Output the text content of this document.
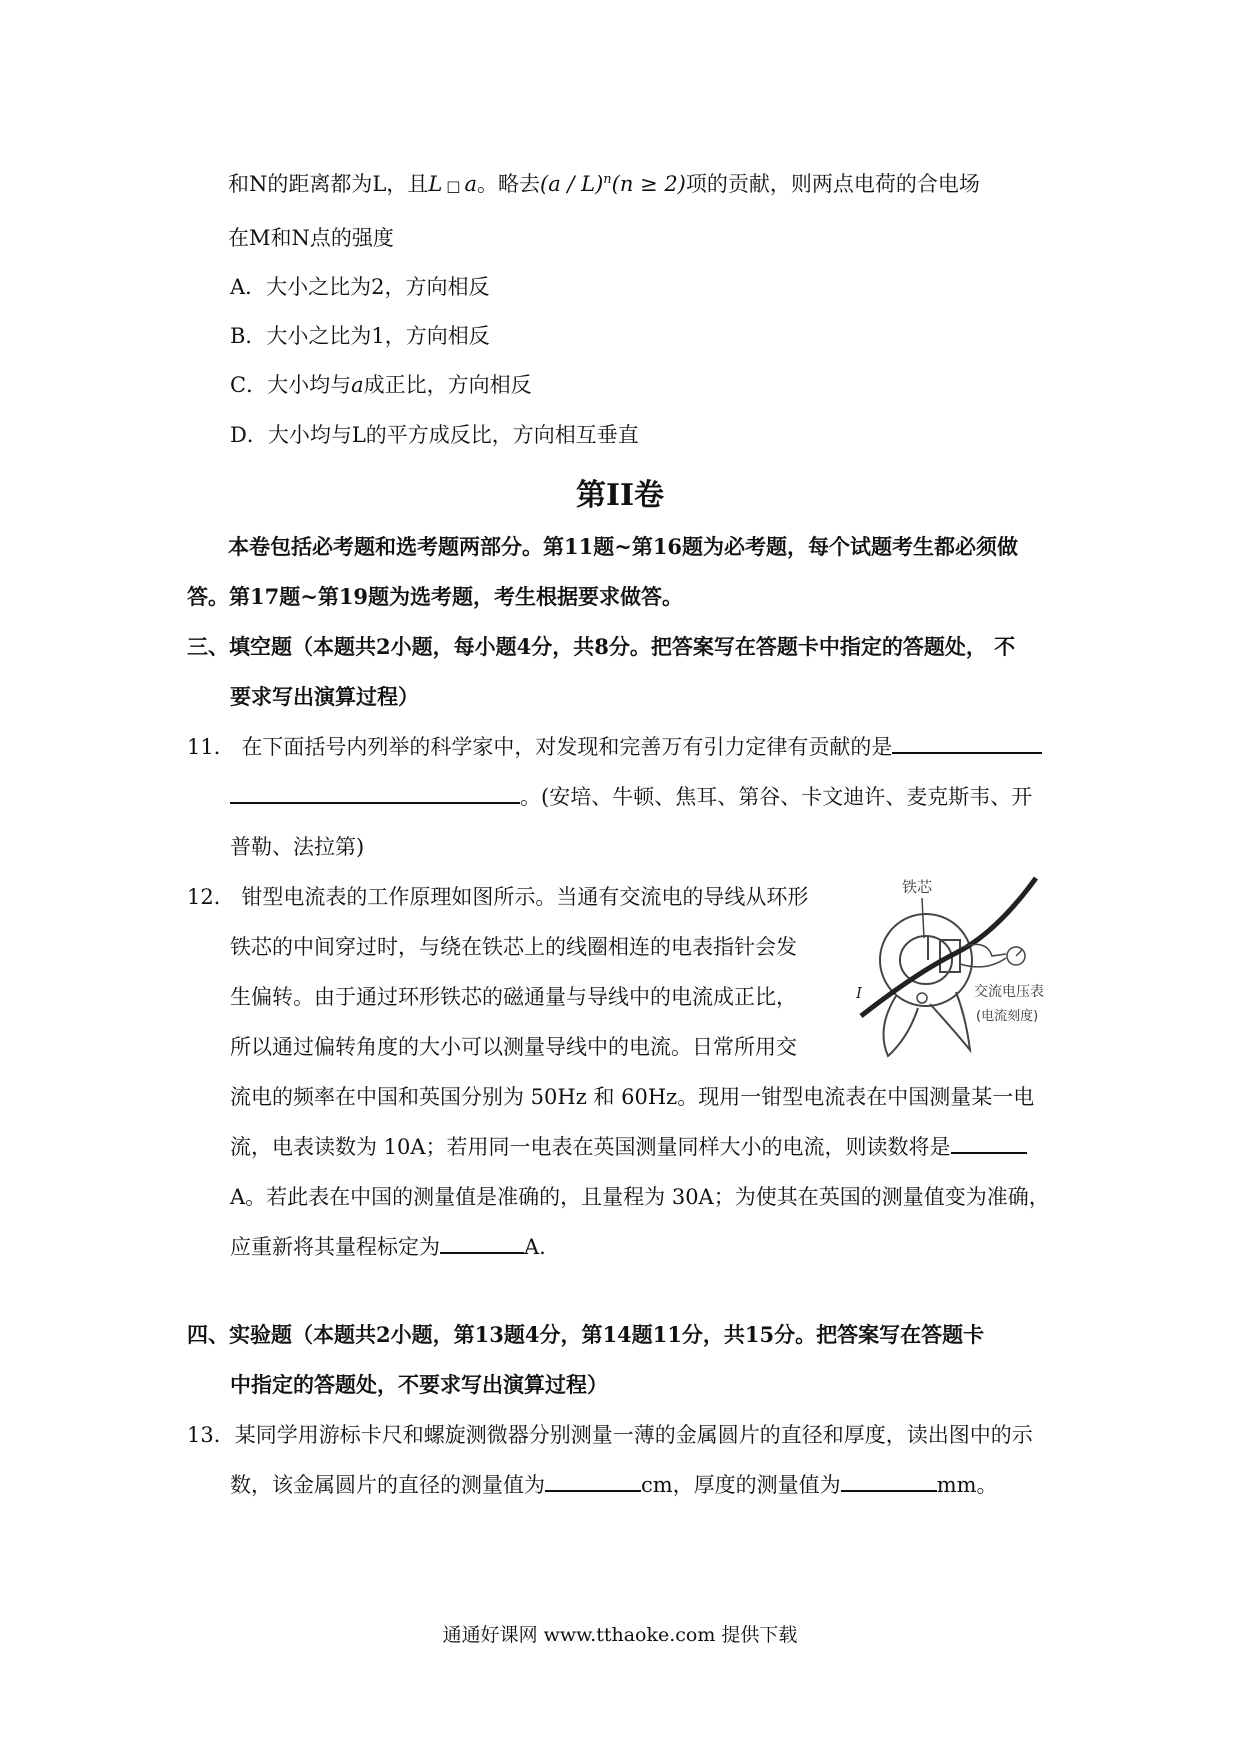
和N的距离都为L，且L □ a。略去(a / L)$^n$(n ≥ 2)项的贡献，则两点电荷的合电场
在M和N点的强度
A．大小之比为2，方向相反
B．大小之比为1，方向相反
C．大小均与a成正比，方向相反
D．大小均与L的平方成反比，方向相互垂直
第II卷
本卷包括必考题和选考题两部分。第11题~第16题为必考题，每个试题考生都必须做
答。第17题~第19题为选考题，考生根据要求做答。
三、填空题（本题共2小题，每小题4分，共8分。把答案写在答题卡中指定的答题处， 不
要求写出演算过程）
11． 在下面括号内列举的科学家中，对发现和完善万有引力定律有贡献的是
。(安培、牛顿、焦耳、第谷、卡文迪许、麦克斯韦、开
普勒、法拉第)
12． 钳型电流表的工作原理如图所示。当通有交流电的导线从环形
铁芯的中间穿过时，与绕在铁芯上的线圈相连的电表指针会发
生偏转。由于通过环形铁芯的磁通量与导线中的电流成正比，
所以通过偏转角度的大小可以测量导线中的电流。日常所用交
流电的频率在中国和英国分别为 50Hz 和 60Hz。现用一钳型电流表在中国测量某一电
流，电表读数为 10A；若用同一电表在英国测量同样大小的电流，则读数将是
A。若此表在中国的测量值是准确的，且量程为 30A；为使其在英国的测量值变为准确，
应重新将其量程标定为	A.
铁芯
I	交流电压表
(电流刻度)
四、实验题（本题共2小题，第13题4分，第14题11分，共15分。把答案写在答题卡
中指定的答题处，不要求写出演算过程）
13．某同学用游标卡尺和螺旋测微器分别测量一薄的金属圆片的直径和厚度，读出图中的示
数，该金属圆片的直径的测量值为	cm，厚度的测量值为	mm。
通通好课网 www.tthaoke.com 提供下载
